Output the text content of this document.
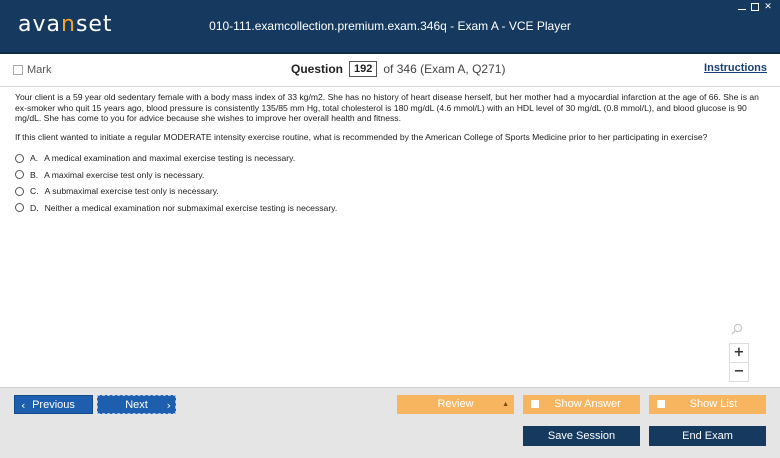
avanset	010-111.examcollection.premium.exam.346q - Exam A - VCE Player
✕
Mark	Question	192 of 346 (Exam A, Q271)	Instructions

Your client is a 59 year old sedentary female with a body mass index of 33 kg/m2. She has no history of heart disease herself, but her mother had a myocardial infarction at the age of 66. She is an ex-smoker who quit 15 years ago, blood pressure is consistently 135/85 mm Hg, total cholesterol is 180 mg/dL (4.6 mmol/L) with an HDL level of 30 mg/dL (0.8 mmol/L), and blood glucose is 90 mg/dL. She has come to you for advice because she wishes to improve her overall health and fitness.

If this client wanted to initiate a regular MODERATE intensity exercise routine, what is recommended by the American College of Sports Medicine prior to her participating in exercise?

A. A medical examination and maximal exercise testing is necessary.
B. A maximal exercise test only is necessary.
C. A submaximal exercise test only is necessary.
D. Neither a medical examination nor submaximal exercise testing is necessary.
+
−
‹ Previous	Next ›	Review	▲	Show Answer	Show List
Save Session	End Exam
